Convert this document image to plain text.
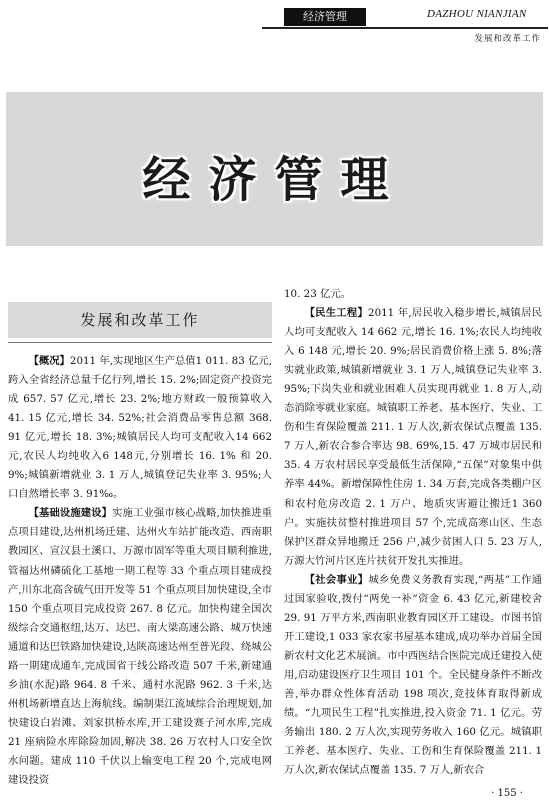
经济管理	DAZHOU NIANJIAN
发展和改革工作
经济管理
发展和改革工作

【概况】2011 年,实现地区生产总值1 011. 83 亿元,跨入全省经济总量千亿行列,增长 15. 2%;固定资产投资完成 657. 57 亿元,增长 23. 2%;地方财政一般预算收入 41. 15 亿元,增长 34. 52%;社会消费品零售总额 368. 91 亿元,增长 18. 3%;城镇居民人均可支配收入14 662元,农民人均纯收入6 148元,分别增长 16. 1% 和 20. 9%;城镇新增就业 3. 1 万人,城镇登记失业率 3. 95%;人口自然增长率 3. 91‰。

【基础设施建设】实施工业强市核心战略,加快推进重点项目建设,达州机场迁建、达州火车站扩能改造、西南职教园区、宣汉县土溪口、万源市固军等重大项目顺利推进,管福达州磷硫化工基地一期工程等 33 个重点项目建成投产,川东北高含硫气田开发等 51 个重点项目加快建设,全市 150 个重点项目完成投资 267. 8 亿元。加快构建全国次级综合交通枢纽,达万、达巴、南大梁高速公路、城万快速通道和达巴铁路加快建设,达陕高速达州至普光段、绕城公路一期建成通车,完成国省干线公路改造 507 千米,新建通乡油(水泥)路 964. 8 千米、通村水泥路 962. 3 千米,达州机场新增直达上海航线。编制渠江流域综合治理规划,加快建设白岩滩、刘家拱桥水库,开工建设赛子河水库,完成 21 座病险水库除险加固,解决 38. 26 万农村人口安全饮水问题。建成 110 千伏以上输变电工程 20 个,完成电网建设投资

10. 23 亿元。

【民生工程】2011 年,居民收入稳步增长,城镇居民人均可支配收入 14 662 元,增长 16. 1%;农民人均纯收入 6 148 元,增长 20. 9%;居民消费价格上涨 5. 8%;落实就业政策,城镇新增就业 3. 1 万人,城镇登记失业率 3. 95%;下岗失业和就业困难人员实现再就业 1. 8 万人,动态消除零就业家庭。城镇职工养老、基本医疗、失业、工伤和生育保险覆盖 211. 1 万人次,新农保试点覆盖 135. 7 万人,新农合参合率达 98. 69%,15. 47 万城市居民和 35. 4 万农村居民享受最低生活保障,“五保”对象集中供养率 44%。新增保障性住房 1. 34 万套,完成各类棚户区和农村危房改造 2. 1 万户、地质灾害避让搬迁1 360户。实施扶贫整村推进项目 57 个,完成高寒山区、生态保护区群众异地搬迁 256 户,减少贫困人口 5. 23 万人,万源大竹河片区连片扶贫开发扎实推进。

【社会事业】城乡免费义务教育实现,“两基”工作通过国家验收,拨付“两免一补”资金 6. 43 亿元,新建校舍 29. 91 万平方米,西南职业教育园区开工建设。市图书馆开工建设,1 033 家农家书屋基本建成,成功举办首届全国新农村文化艺术展演。市中西医结合医院完成迁建投入使用,启动建设医疗卫生项目 101 个。全民健身条件不断改善,举办群众性体育活动 198 项次,竞技体育取得新成绩。“九项民生工程”扎实推进,投入资金 71. 1 亿元。劳务输出 180. 2 万人次,实现劳务收入 160 亿元。城镇职工养老、基本医疗、失业、工伤和生育保险覆盖 211. 1 万人次,新农保试点覆盖 135. 7 万人,新农合

· 155 ·
